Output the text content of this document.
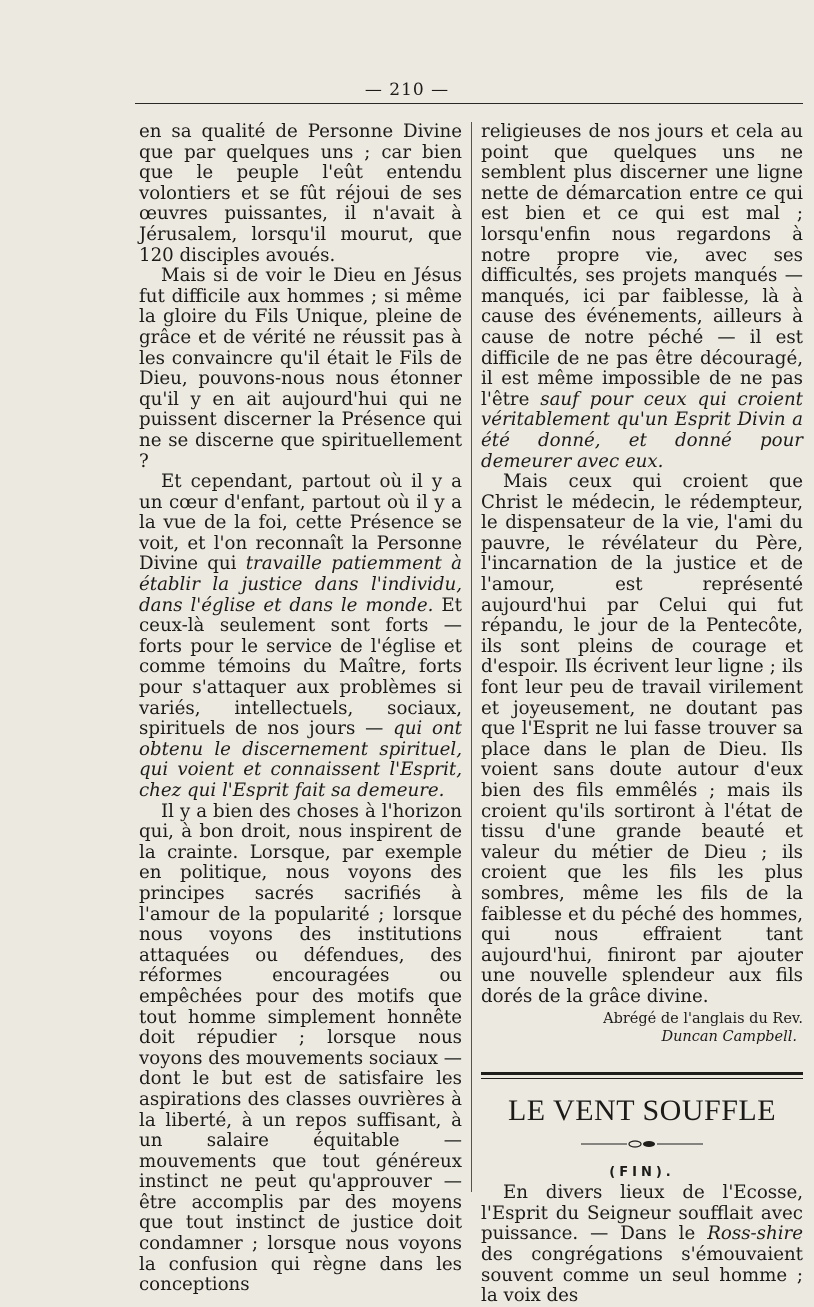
— 210 —

en sa qualité de Personne Divine que par quelques uns ; car bien que le peuple l'eût entendu volontiers et se fût réjoui de ses œuvres puissantes, il n'avait à Jérusalem, lorsqu'il mourut, que 120 disciples avoués.

Mais si de voir le Dieu en Jésus fut difficile aux hommes ; si même la gloire du Fils Unique, pleine de grâce et de vérité ne réussit pas à les convaincre qu'il était le Fils de Dieu, pouvons-nous nous étonner qu'il y en ait aujourd'hui qui ne puissent discerner la Présence qui ne se discerne que spirituellement ?

Et cependant, partout où il y a un cœur d'enfant, partout où il y a la vue de la foi, cette Présence se voit, et l'on reconnaît la Personne Divine qui travaille patiemment à établir la justice dans l'individu, dans l'église et dans le monde. Et ceux-là seulement sont forts — forts pour le service de l'église et comme témoins du Maître, forts pour s'attaquer aux problèmes si variés, intellectuels, sociaux, spirituels de nos jours — qui ont obtenu le discernement spirituel, qui voient et connaissent l'Esprit, chez qui l'Esprit fait sa demeure.

Il y a bien des choses à l'horizon qui, à bon droit, nous inspirent de la crainte. Lorsque, par exemple en politique, nous voyons des principes sacrés sacrifiés à l'amour de la popularité ; lorsque nous voyons des institutions attaquées ou défendues, des réformes encouragées ou empêchées pour des motifs que tout homme simplement honnête doit répudier ; lorsque nous voyons des mouvements sociaux — dont le but est de satisfaire les aspirations des classes ouvrières à la liberté, à un repos suffisant, à un salaire équitable — mouvements que tout généreux instinct ne peut qu'approuver — être accomplis par des moyens que tout instinct de justice doit condamner ; lorsque nous voyons la confusion qui règne dans les conceptions

religieuses de nos jours et cela au point que quelques uns ne semblent plus discerner une ligne nette de démarcation entre ce qui est bien et ce qui est mal ; lorsqu'enfin nous regardons à notre propre vie, avec ses difficultés, ses projets manqués — manqués, ici par faiblesse, là à cause des événements, ailleurs à cause de notre péché — il est difficile de ne pas être découragé, il est même impossible de ne pas l'être sauf pour ceux qui croient véritablement qu'un Esprit Divin a été donné, et donné pour demeurer avec eux.

Mais ceux qui croient que Christ le médecin, le rédempteur, le dispensateur de la vie, l'ami du pauvre, le révélateur du Père, l'incarnation de la justice et de l'amour, est représenté aujourd'hui par Celui qui fut répandu, le jour de la Pentecôte, ils sont pleins de courage et d'espoir. Ils écrivent leur ligne ; ils font leur peu de travail virilement et joyeusement, ne doutant pas que l'Esprit ne lui fasse trouver sa place dans le plan de Dieu. Ils voient sans doute autour d'eux bien des fils emmêlés ; mais ils croient qu'ils sortiront à l'état de tissu d'une grande beauté et valeur du métier de Dieu ; ils croient que les fils les plus sombres, même les fils de la faiblesse et du péché des hommes, qui nous effraient tant aujourd'hui, finiront par ajouter une nouvelle splendeur aux fils dorés de la grâce divine.

Abrégé de l'anglais du Rev.
Duncan Campbell.
LE VENT SOUFFLE
(FIN).

En divers lieux de l'Ecosse, l'Esprit du Seigneur soufflait avec puissance. — Dans le Ross-shire des congrégations s'émouvaient souvent comme un seul homme ; la voix des
